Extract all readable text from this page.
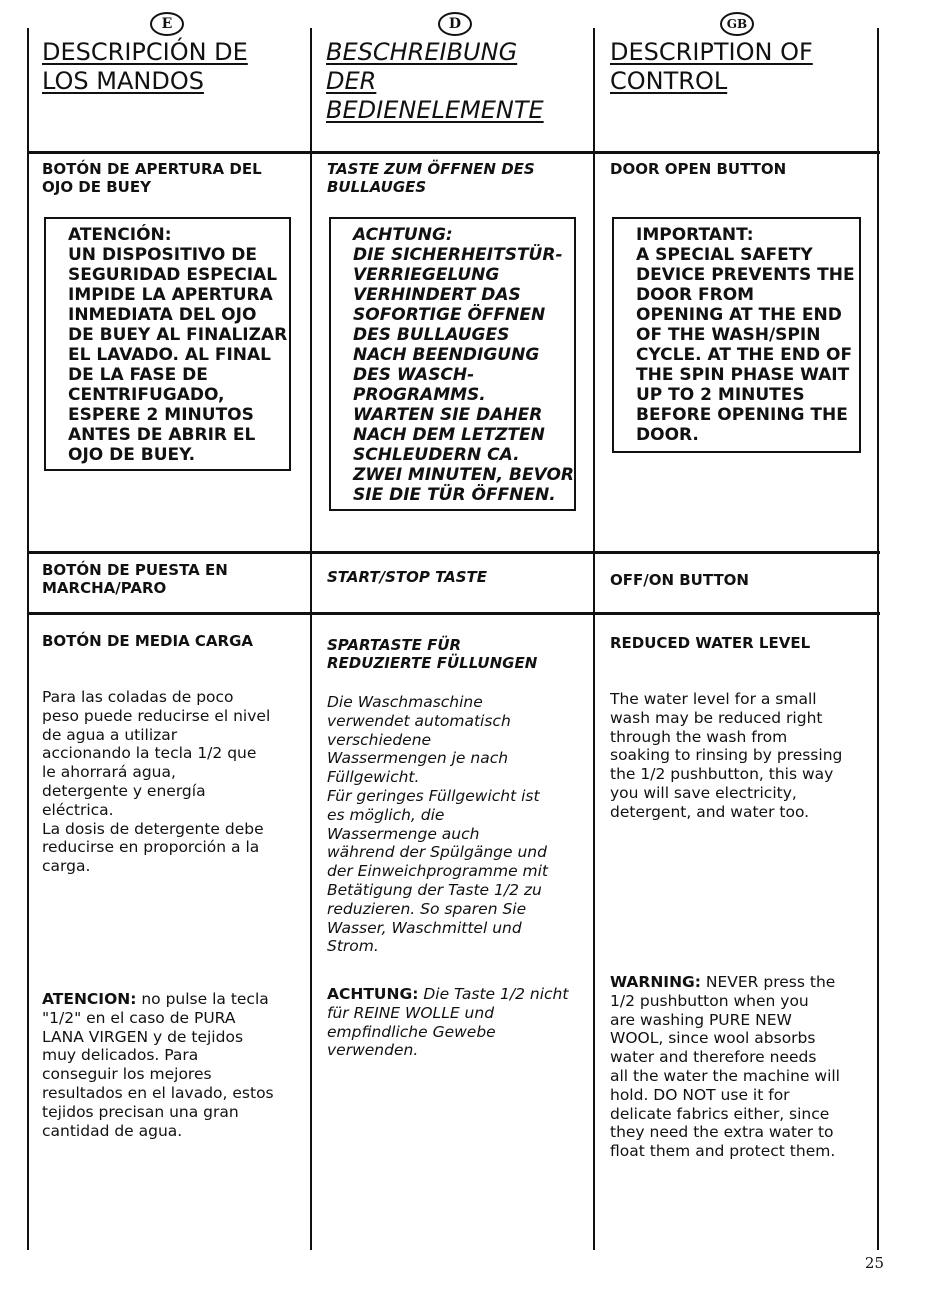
E
DESCRIPCIÓN DE
LOS MANDOS
BOTÓN DE APERTURA DEL OJO DE BUEY
ATENCIÓN:
UN DISPOSITIVO DE
SEGURIDAD ESPECIAL
IMPIDE LA APERTURA
INMEDIATA DEL OJO
DE BUEY AL FINALIZAR
EL LAVADO. AL FINAL
DE LA FASE DE
CENTRIFUGADO,
ESPERE 2 MINUTOS
ANTES DE ABRIR EL
OJO DE BUEY.
BOTÓN DE PUESTA EN MARCHA/PARO
BOTÓN DE MEDIA CARGA
Para las coladas de poco
peso puede reducirse el nivel
de agua a utilizar
accionando la tecla 1/2 que
le ahorrará agua,
detergente y energía
eléctrica.
La dosis de detergente debe
reducirse en proporción a la
carga.
ATENCION: no pulse la tecla
"1/2" en el caso de PURA
LANA VIRGEN y de tejidos
muy delicados. Para
conseguir los mejores
resultados en el lavado, estos
tejidos precisan una gran
cantidad de agua.
D
BESCHREIBUNG
DER
BEDIENELEMENTE
TASTE ZUM ÖFFNEN DES BULLAUGES
ACHTUNG:
DIE SICHERHEITSTÜR-
VERRIEGELUNG
VERHINDERT DAS
SOFORTIGE ÖFFNEN
DES BULLAUGES
NACH BEENDIGUNG
DES WASCH-
PROGRAMMS.
WARTEN SIE DAHER
NACH DEM LETZTEN
SCHLEUDERN CA.
ZWEI MINUTEN, BEVOR
SIE DIE TÜR ÖFFNEN.
START/STOP TASTE
SPARTASTE FÜR REDUZIERTE FÜLLUNGEN
Die Waschmaschine
verwendet automatisch
verschiedene
Wassermengen je nach
Füllgewicht.
Für geringes Füllgewicht ist
es möglich, die
Wassermenge auch
während der Spülgänge und
der Einweichprogramme mit
Betätigung der Taste 1/2 zu
reduzieren. So sparen Sie
Wasser, Waschmittel und
Strom.
ACHTUNG: Die Taste 1/2 nicht
für REINE WOLLE und
empfindliche Gewebe
verwenden.
GB
DESCRIPTION OF
CONTROL
DOOR OPEN BUTTON
IMPORTANT:
A SPECIAL SAFETY
DEVICE PREVENTS THE
DOOR FROM
OPENING AT THE END
OF THE WASH/SPIN
CYCLE. AT THE END OF
THE SPIN PHASE WAIT
UP TO 2 MINUTES
BEFORE OPENING THE
DOOR.
OFF/ON BUTTON
REDUCED WATER LEVEL
The water level for a small
wash may be reduced right
through the wash from
soaking to rinsing by pressing
the 1/2 pushbutton, this way
you will save electricity,
detergent, and water too.
WARNING: NEVER press the
1/2 pushbutton when you
are washing PURE NEW
WOOL, since wool absorbs
water and therefore needs
all the water the machine will
hold. DO NOT use it for
delicate fabrics either, since
they need the extra water to
float them and protect them.
25
